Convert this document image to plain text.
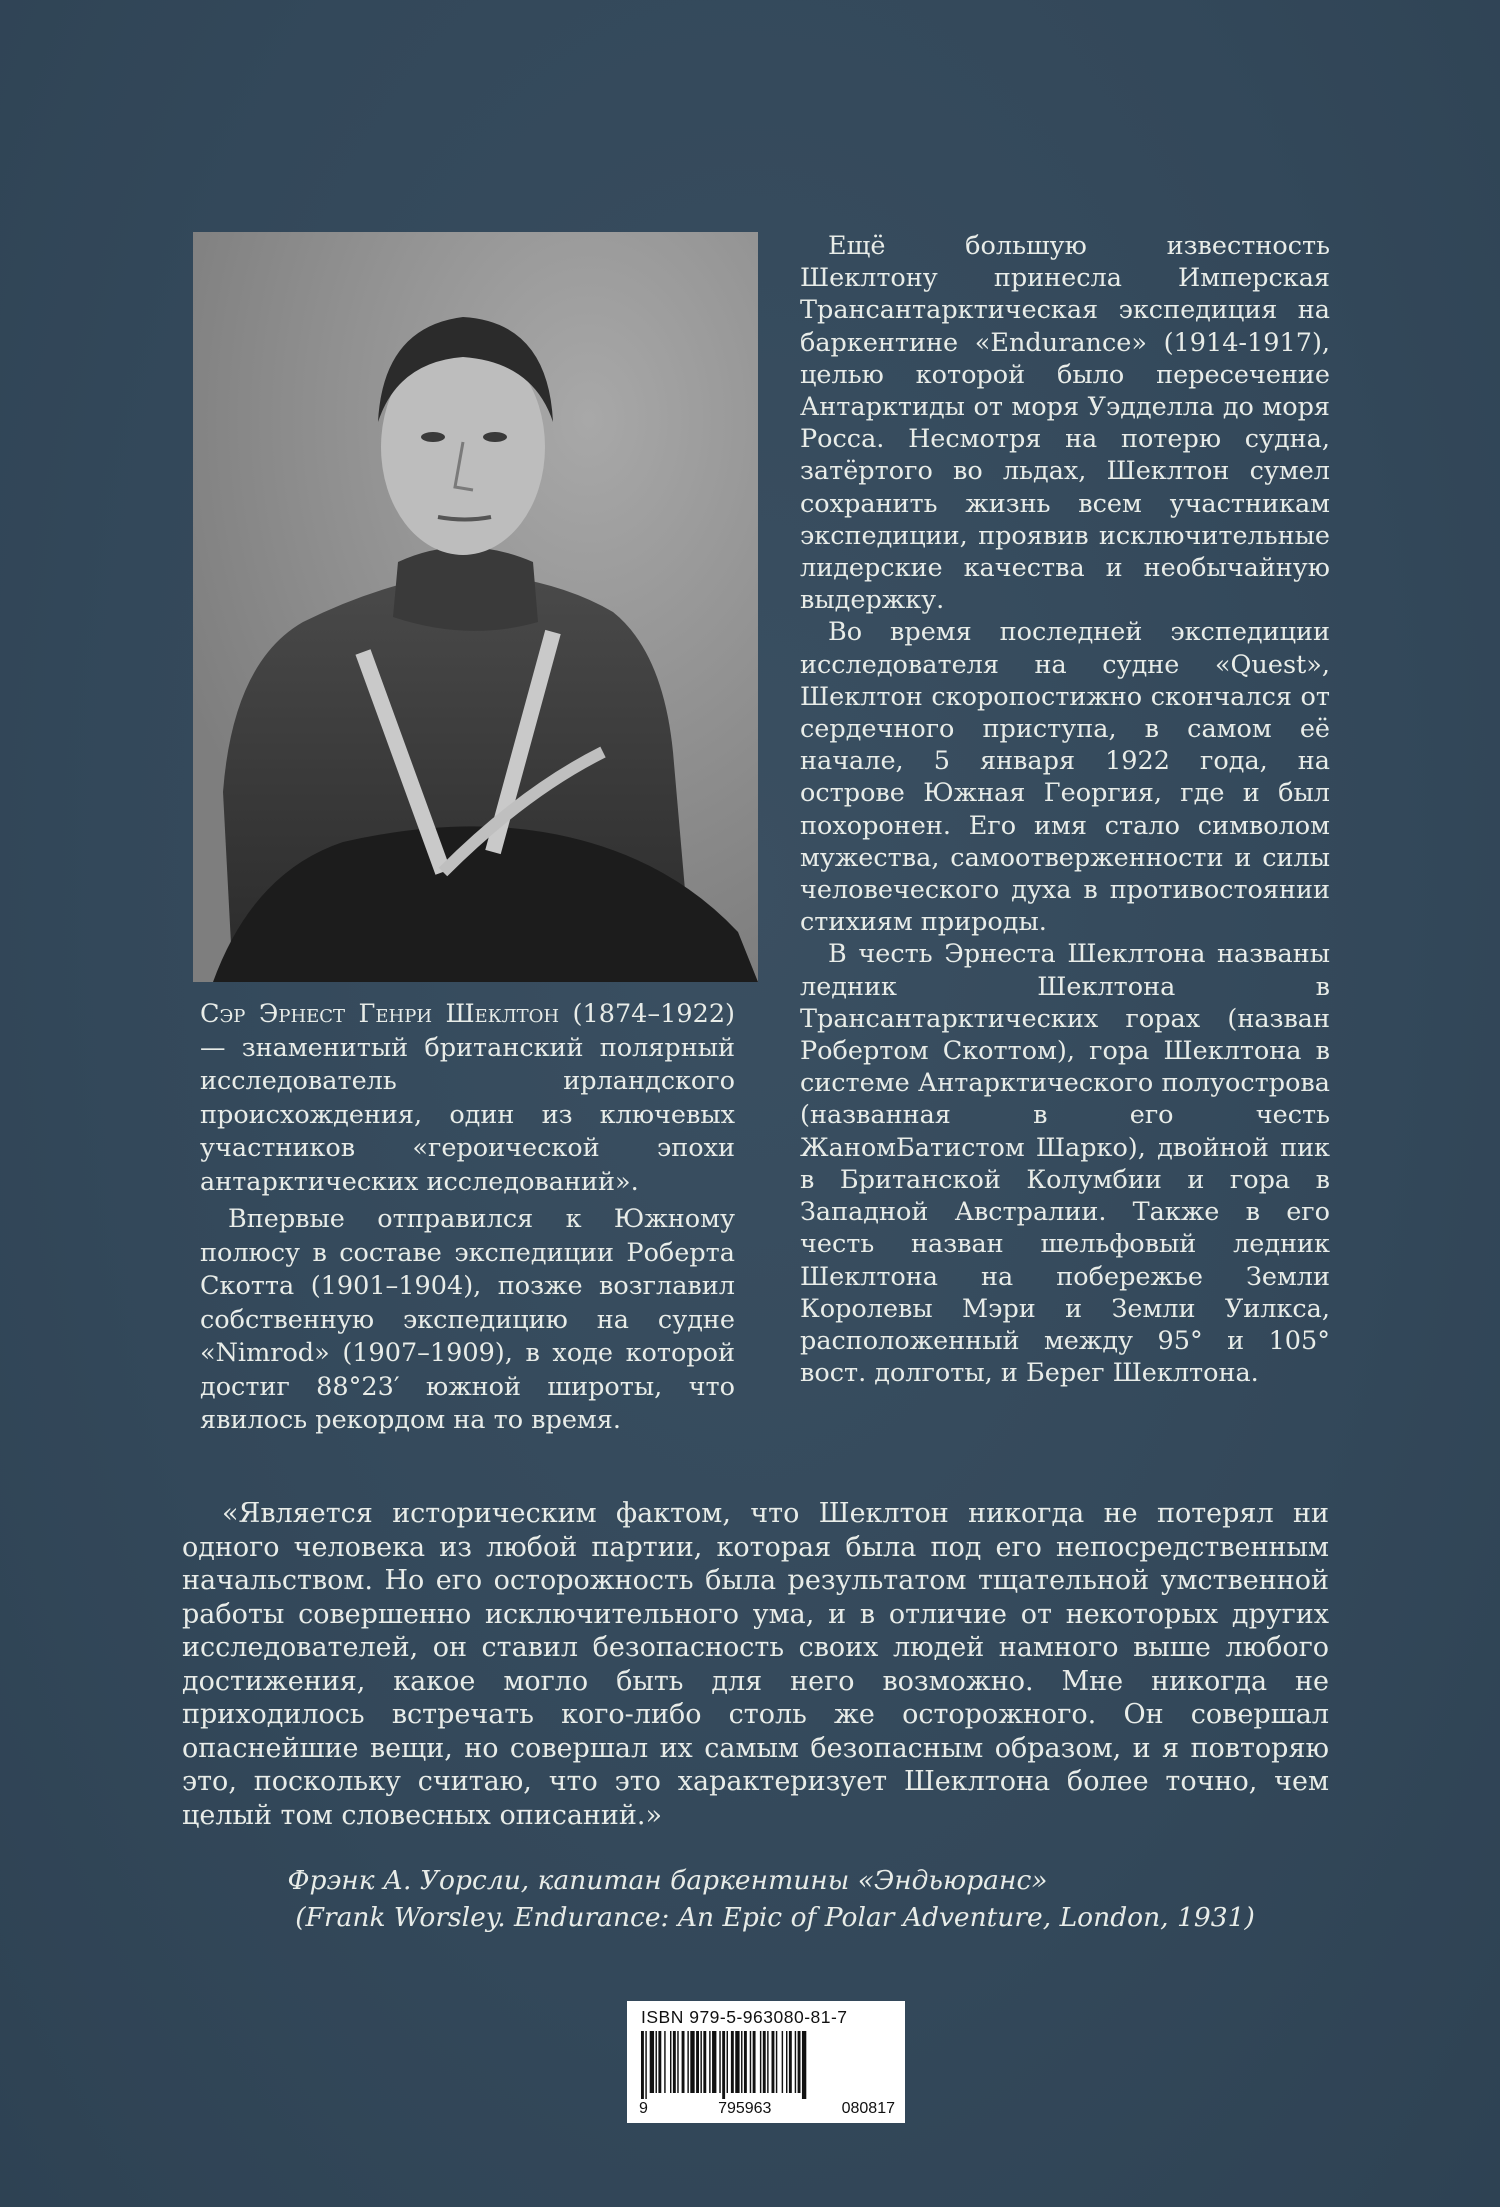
Сэр Эрнест Генри Шеклтон (1874–1922) — знаменитый британский полярный исследователь ирландского происхождения, один из ключевых участников «героической эпохи антарктических исследований».

Впервые отправился к Южному полюсу в составе экспедиции Роберта Скотта (1901–1904), позже возглавил собственную экспедицию на судне «Nimrod» (1907–1909), в ходе которой достиг 88°23′ южной широты, что явилось рекордом на то время.

Ещё большую известность Шеклтону принесла Имперская Трансантарктическая экспедиция на баркентине «Endurance» (1914-1917), целью которой было пересечение Антарктиды от моря Уэдделла до моря Росса. Несмотря на потерю судна, затёртого во льдах, Шеклтон сумел сохранить жизнь всем участникам экспедиции, проявив исключительные лидерские качества и необычайную выдержку.

Во время последней экспедиции исследователя на судне «Quest», Шеклтон скоропостижно скончался от сердечного приступа, в самом её начале, 5 января 1922 года, на острове Южная Георгия, где и был похоронен. Его имя стало символом мужества, самоотверженности и силы человеческого духа в противостоянии стихиям природы.

В честь Эрнеста Шеклтона названы ледник Шеклтона в Трансантарктических горах (назван Робертом Скоттом), гора Шеклтона в системе Антарктического полуострова (названная в его честь ЖаномБатистом Шарко), двойной пик в Британской Колумбии и гора в Западной Австралии. Также в его честь назван шельфовый ледник Шеклтона на побережье Земли Королевы Мэри и Земли Уилкса, расположенный между 95° и 105° вост. долготы, и Берег Шеклтона.

«Является историческим фактом, что Шеклтон никогда не потерял ни одного человека из любой партии, которая была под его непосредственным начальством. Но его осторожность была результатом тщательной умственной работы совершенно исключительного ума, и в отличие от некоторых других исследователей, он ставил безопасность своих людей намного выше любого достижения, какое могло быть для него возможно. Мне никогда не приходилось встречать кого-либо столь же осторожного. Он совершал опаснейшие вещи, но совершал их самым безопасным образом, и я повторяю это, поскольку считаю, что это характеризует Шеклтона более точно, чем целый том словесных описаний.»

Фрэнк А. Уорсли, капитан баркентины «Эндьюранс»
(Frank Worsley. Endurance: An Epic of Polar Adventure, London, 1931)
ISBN 979-5-963080-81-7
9	795963	080817
